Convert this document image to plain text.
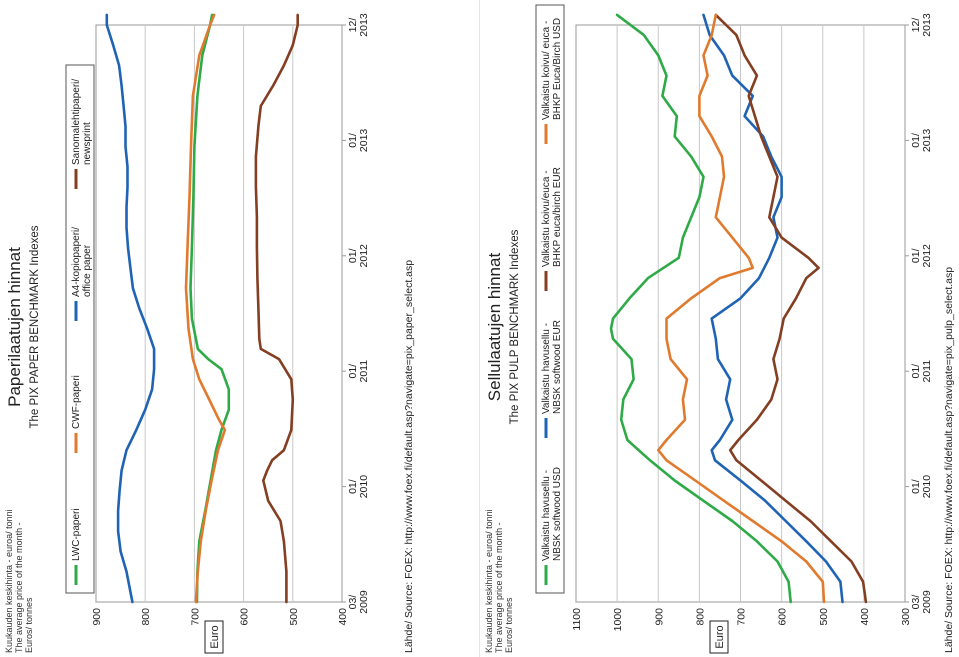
Kuukauden keskihinta - euroa/ tonni The average price of the month - Euros/ tonnes
Paperilaatujen hinnat The PIX PAPER BENCHMARK Indexes
LWC-paperi
CWF-paperi
A4-kopiopaperi/ office paper
Sanomalehtipaperi/ newsprint
400
500
600
700
800
900
Euro
03/ 2009
01/ 2010
01/ 2011
01/ 2012
01/ 2013
12/ 2013
Lähde/ Source: FOEX: http://www.foex.fi/default.asp?navigate=pix_paper_select.asp	Kuukauden keskihinta - euroa/ tonni The average price of the month - Euros/ tonnes
Sellulaatujen hinnat The PIX PULP BENCHMARK Indexes
Valkaistu havusellu - NBSK softwood USD
Valkaistu havusellu - NBSK softwood EUR
Valkaistu koivu/euca - BHKP euca/birch EUR
Valkaistu koivu/ euca - BHKP Euca/Birch USD
300
400
500
600
700
800
900
1000
1100
Euro
03/ 2009
01/ 2010
01/ 2011
01/ 2012
01/ 2013
12/ 2013
Lähde/ Source: FOEX: http://www.foex.fi/default.asp?navigate=pix_pulp_select.asp
